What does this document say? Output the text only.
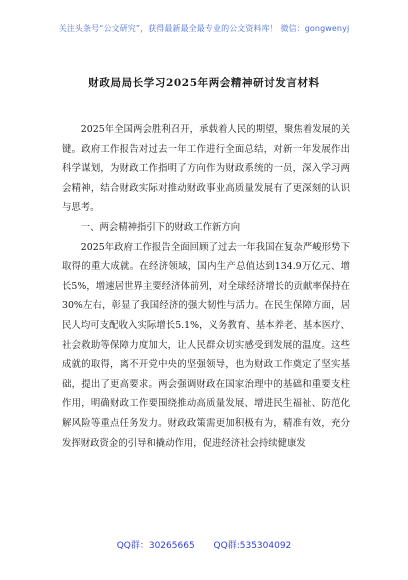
关注头条号“公文研究”，获得最新最全最专业的公文资料库！ 微信：gongwenyj
财政局局长学习2025年两会精神研讨发言材料

2025年全国两会胜利召开，承载着人民的期望，聚焦着发展的关键。政府工作报告对过去一年工作进行全面总结，对新一年发展作出科学谋划，为财政工作指明了方向作为财政系统的一员，深入学习两会精神，结合财政实际对推动财政事业高质量发展有了更深刻的认识与思考。

一、两会精神指引下的财政工作新方向

2025年政府工作报告全面回顾了过去一年我国在复杂严峻形势下取得的重大成就。在经济领域，国内生产总值达到134.9万亿元、增长5%，增速居世界主要经济体前列，对全球经济增长的贡献率保持在30%左右，彰显了我国经济的强大韧性与活力。在民生保障方面，居民人均可支配收入实际增长5.1%，义务教育、基本养老、基本医疗、社会救助等保障力度加大，让人民群众切实感受到发展的温度。这些成就的取得，离不开党中央的坚强领导，也为财政工作奠定了坚实基础，提出了更高要求。两会强调财政在国家治理中的基础和重要支柱作用，明确财政工作要围绕推动高质量发展、增进民生福祉、防范化解风险等重点任务发力。财政政策需更加积极有为，精准有效，充分发挥财政资金的引导和撬动作用，促进经济社会持续健康发

QQ群：30265665 QQ群:535304092
